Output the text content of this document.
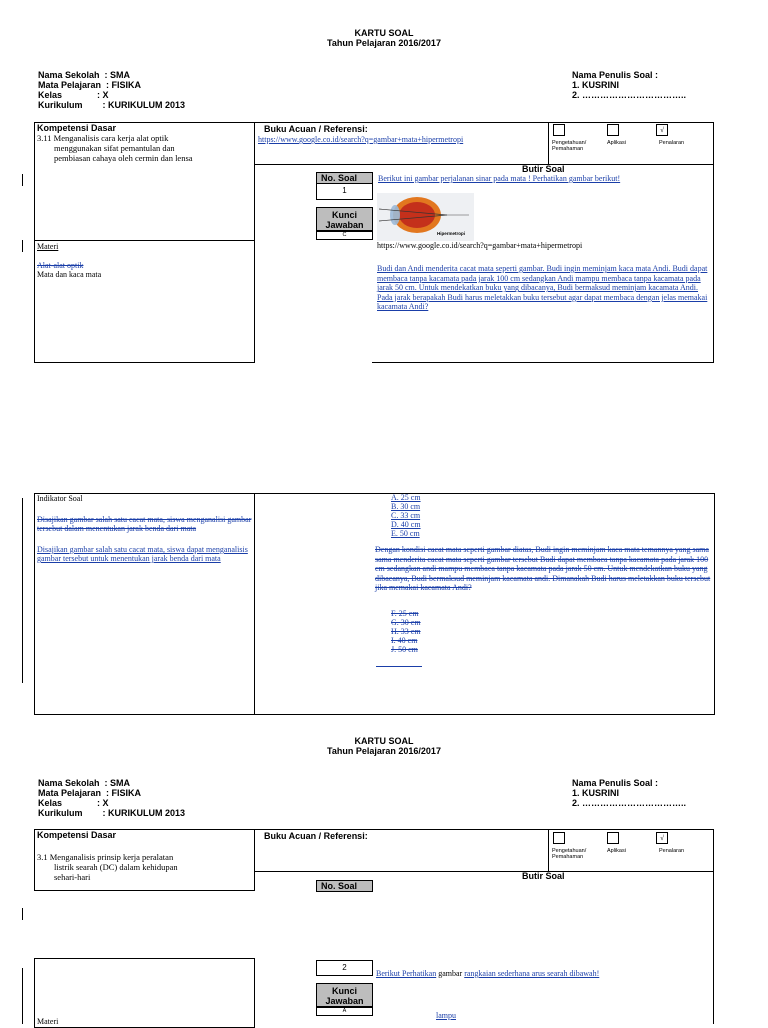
KARTU SOAL
Tahun Pelajaran 2016/2017
Nama Sekolah  : SMA
Mata Pelajaran  : FISIKA
Kelas              : X
Kurikulum        : KURIKULUM 2013
Nama Penulis Soal :
1. KUSRINI
2. ……………………………..
Kompetensi Dasar
3.11 Menganalisis cara kerja alat optik
menggunakan sifat pemantulan dan
pembiasan cahaya oleh cermin dan lensa
Materi
Alat-alat optik
Mata dan kaca mata
Buku Acuan / Referensi:
https://www.google.co.id/search?q=gambar+mata+hipermetropi
√
Pengetahuan/ Pemahaman
Aplikasi	Penalaran
Butir Soal
No. Soal
1
Kunci Jawaban
C
Berikut ini gambar perjalanan sinar pada mata ! Perhatikan gambar berikut!
Hipermetropi
https://www.google.co.id/search?q=gambar+mata+hipermetropi
Budi dan Andi menderita cacat mata seperti gambar. Budi ingin meminjam kaca mata Andi. Budi dapat membaca tanpa kacamata pada jarak 100 cm sedangkan Andi mampu membaca tanpa kacamata pada jarak 50 cm. Untuk mendekatkan buku yang dibacanya, Budi bermaksud meminjam kacamata Andi. Pada jarak berapakah Budi harus meletakkan buku tersebut agar dapat membaca dengan jelas memakai kacamata Andi?
Indikator Soal
Disajikan gambar salah satu cacat mata, siswa menganalisi gambar tersebut dalam menentukan jarak benda dari mata
Disajikan gambar salah satu cacat mata, siswa dapat menganalisis gambar tersebut untuk menentukan jarak benda dari mata
A. 25 cm
B. 30 cm
C. 33 cm
D. 40 cm
E. 50 cm
Dengan kondisi cacat mata seperti gambar diatas, Budi ingin meminjam kaca mata temannya yang sama sama menderita cacat mata seperti gambar tersebut Budi dapat membaca tanpa kacamata pada jarak 100 cm sedangkan andi mampu membaca tanpa kacamata pada jarak 50 cm. Untuk mendekatkan buku yang dibacanya, Budi bermaksud meminjam kacamata andi. Dimanakah Budi harus meletakkan buku tersebut jika memakai kacamata Andi?
F. 25 cm
G. 30 cm
H. 33 cm
I. 40 cm
J. 50 cm
KARTU SOAL
Tahun Pelajaran 2016/2017
Nama Sekolah  : SMA
Mata Pelajaran  : FISIKA
Kelas              : X
Kurikulum        : KURIKULUM 2013
Nama Penulis Soal :
1. KUSRINI
2. ……………………………..
Kompetensi Dasar
3.1 Menganalisis prinsip kerja peralatan
listrik searah (DC) dalam kehidupan
sehari-hari
Buku Acuan / Referensi:	√
Pengetahuan/ Pemahaman
Aplikasi	Penalaran
Butir Soal
No. Soal
Materi
2
Kunci Jawaban
A
Berikut Perhatikan gambar rangkaian sederhana arus searah dibawah!
lampu
